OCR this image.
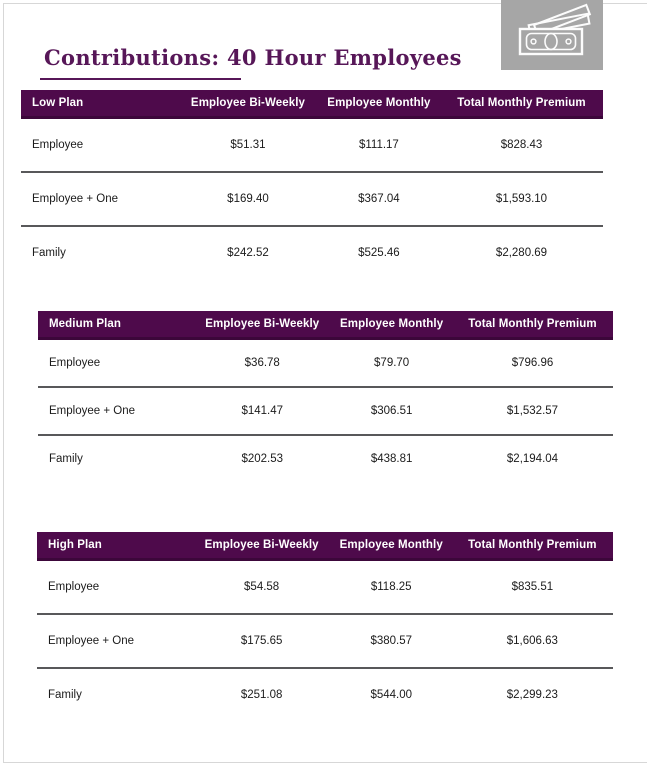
Contributions: 40 Hour Employees
Low Plan	Employee Bi-Weekly	Employee Monthly	Total Monthly Premium
Employee	$51.31	$111.17	$828.43
Employee + One	$169.40	$367.04	$1,593.10
Family	$242.52	$525.46	$2,280.69
Medium Plan	Employee Bi-Weekly	Employee Monthly	Total Monthly Premium
Employee	$36.78	$79.70	$796.96
Employee + One	$141.47	$306.51	$1,532.57
Family	$202.53	$438.81	$2,194.04
High Plan	Employee Bi-Weekly	Employee Monthly	Total Monthly Premium
Employee	$54.58	$118.25	$835.51
Employee + One	$175.65	$380.57	$1,606.63
Family	$251.08	$544.00	$2,299.23
